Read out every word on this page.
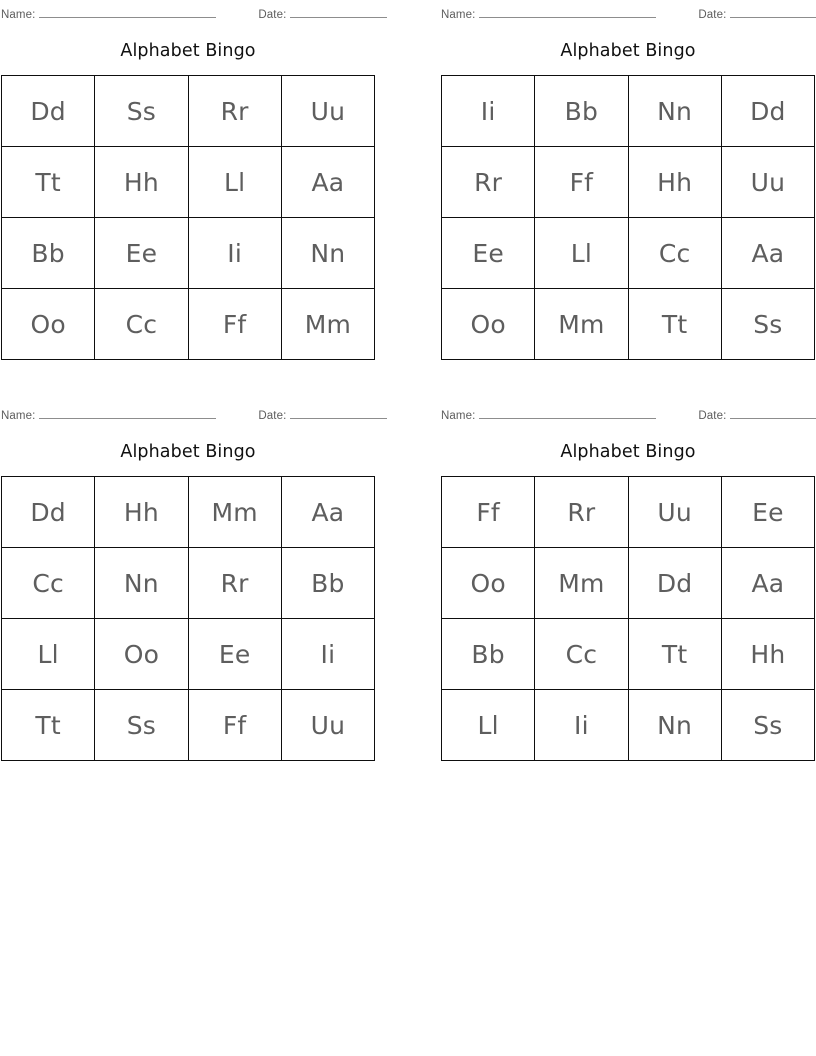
Name:	Date:
Alphabet Bingo
Dd	Ss	Rr	Uu
Tt	Hh	Ll	Aa
Bb	Ee	Ii	Nn
Oo	Cc	Ff	Mm
Name:	Date:
Alphabet Bingo
Ii	Bb	Nn	Dd
Rr	Ff	Hh	Uu
Ee	Ll	Cc	Aa
Oo	Mm	Tt	Ss
Name:	Date:
Alphabet Bingo
Dd	Hh	Mm	Aa
Cc	Nn	Rr	Bb
Ll	Oo	Ee	Ii
Tt	Ss	Ff	Uu
Name:	Date:
Alphabet Bingo
Ff	Rr	Uu	Ee
Oo	Mm	Dd	Aa
Bb	Cc	Tt	Hh
Ll	Ii	Nn	Ss
